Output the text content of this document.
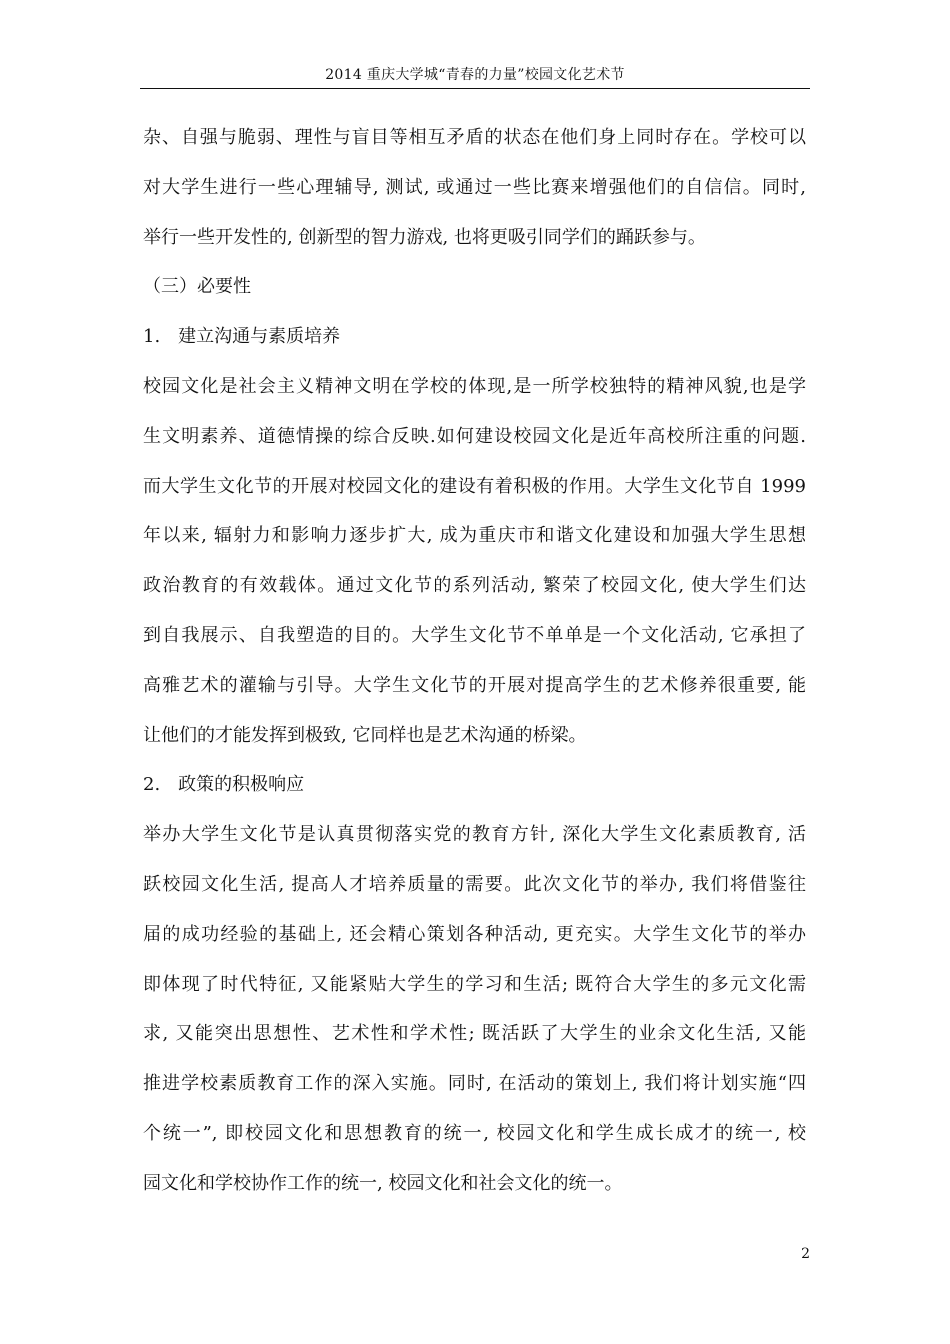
2014 重庆大学城“青春的力量”校园文化艺术节
杂、自强与脆弱、理性与盲目等相互矛盾的状态在他们身上同时存在。学校可以
对大学生进行一些心理辅导, 测试, 或通过一些比赛来增强他们的自信信。同时,
举行一些开发性的, 创新型的智力游戏, 也将更吸引同学们的踊跃参与。
（三）必要性
1.　建立沟通与素质培养
校园文化是社会主义精神文明在学校的体现,是一所学校独特的精神风貌,也是学
生文明素养、道德情操的综合反映.如何建设校园文化是近年高校所注重的问题.
而大学生文化节的开展对校园文化的建设有着积极的作用。大学生文化节自 1999
年以来, 辐射力和影响力逐步扩大, 成为重庆市和谐文化建设和加强大学生思想
政治教育的有效载体。通过文化节的系列活动, 繁荣了校园文化, 使大学生们达
到自我展示、自我塑造的目的。大学生文化节不单单是一个文化活动, 它承担了
高雅艺术的灌输与引导。大学生文化节的开展对提高学生的艺术修养很重要, 能
让他们的才能发挥到极致, 它同样也是艺术沟通的桥梁。
2.　政策的积极响应
举办大学生文化节是认真贯彻落实党的教育方针, 深化大学生文化素质教育, 活
跃校园文化生活, 提高人才培养质量的需要。此次文化节的举办, 我们将借鉴往
届的成功经验的基础上, 还会精心策划各种活动, 更充实。大学生文化节的举办
即体现了时代特征, 又能紧贴大学生的学习和生活; 既符合大学生的多元文化需
求, 又能突出思想性、艺术性和学术性; 既活跃了大学生的业余文化生活, 又能
推进学校素质教育工作的深入实施。同时, 在活动的策划上, 我们将计划实施“四
个统一”, 即校园文化和思想教育的统一, 校园文化和学生成长成才的统一, 校
园文化和学校协作工作的统一, 校园文化和社会文化的统一。
2
